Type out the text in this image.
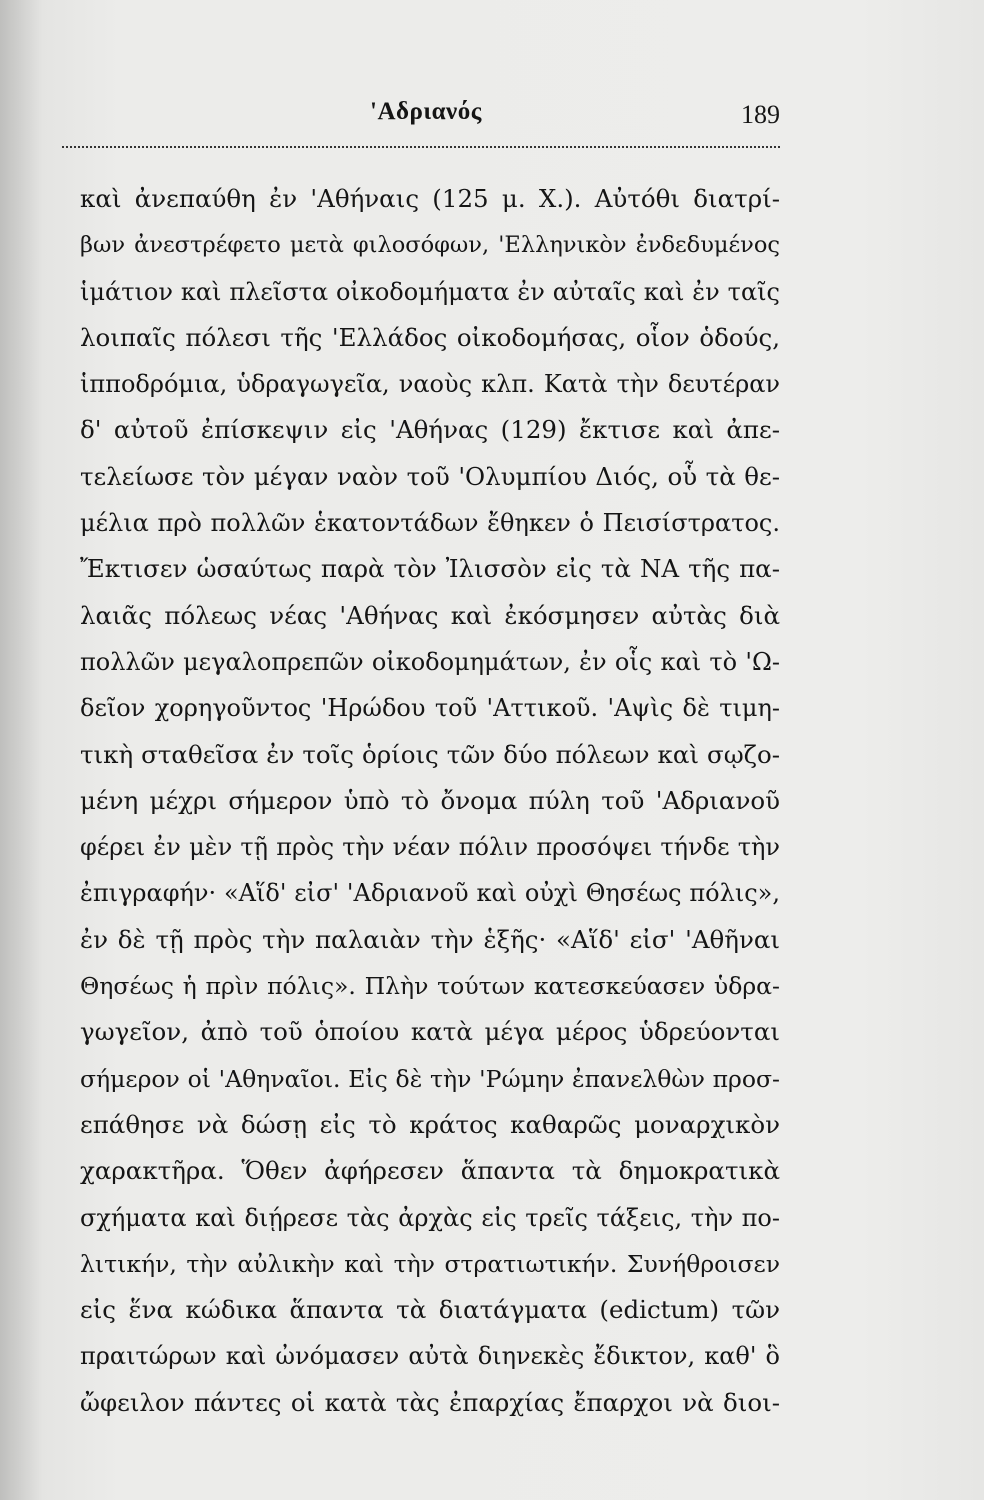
'Αδριανός	189
καὶ ἀνεπαύθη ἐν 'Αθήναις (125 μ. Χ.). Αὐτόθι διατρί-
βων ἀνεστρέφετο μετὰ φιλοσόφων, 'Ελληνικὸν ἐνδεδυμένος
ἱμάτιον καὶ πλεῖστα οἰκοδομήματα ἐν αὐταῖς καὶ ἐν ταῖς
λοιπαῖς πόλεσι τῆς 'Ελλάδος οἰκοδομήσας, οἷον ὁδούς,
ἱπποδρόμια, ὑδραγωγεῖα, ναοὺς κλπ. Κατὰ τὴν δευτέραν
δ' αὐτοῦ ἐπίσκεψιν εἰς 'Αθήνας (129) ἔκτισε καὶ ἀπε-
τελείωσε τὸν μέγαν ναὸν τοῦ 'Ολυμπίου Διός, οὗ τὰ θε-
μέλια πρὸ πολλῶν ἑκατοντάδων ἔθηκεν ὁ Πεισίστρατος.
Ἔκτισεν ὡσαύτως παρὰ τὸν Ἰλισσὸν εἰς τὰ ΝΑ τῆς πα-
λαιᾶς πόλεως νέας 'Αθήνας καὶ ἐκόσμησεν αὐτὰς διὰ
πολλῶν μεγαλοπρεπῶν οἰκοδομημάτων, ἐν οἷς καὶ τὸ 'Ω-
δεῖον χορηγοῦντος 'Ηρώδου τοῦ 'Αττικοῦ. 'Αψὶς δὲ τιμη-
τικὴ σταθεῖσα ἐν τοῖς ὁρίοις τῶν δύο πόλεων καὶ σῳζο-
μένη μέχρι σήμερον ὑπὸ τὸ ὄνομα πύλη τοῦ 'Αδριανοῦ
φέρει ἐν μὲν τῇ πρὸς τὴν νέαν πόλιν προσόψει τήνδε τὴν
ἐπιγραφήν· «Αἵδ' εἰσ' 'Αδριανοῦ καὶ οὐχὶ Θησέως πόλις»,
ἐν δὲ τῇ πρὸς τὴν παλαιὰν τὴν ἑξῆς· «Αἵδ' εἰσ' 'Αθῆναι
Θησέως ἡ πρὶν πόλις». Πλὴν τούτων κατεσκεύασεν ὑδρα-
γωγεῖον, ἀπὸ τοῦ ὁποίου κατὰ μέγα μέρος ὑδρεύονται
σήμερον οἱ 'Αθηναῖοι. Εἰς δὲ τὴν 'Ρώμην ἐπανελθὼν προσ-
επάθησε νὰ δώσῃ εἰς τὸ κράτος καθαρῶς μοναρχικὸν
χαρακτῆρα. Ὅθεν ἀφήρεσεν ἅπαντα τὰ δημοκρατικὰ
σχήματα καὶ διῄρεσε τὰς ἀρχὰς εἰς τρεῖς τάξεις, τὴν πο-
λιτικήν, τὴν αὐλικὴν καὶ τὴν στρατιωτικήν. Συνήθροισεν
εἰς ἕνα κώδικα ἅπαντα τὰ διατάγματα (edictum) τῶν
πραιτώρων καὶ ὠνόμασεν αὐτὰ διηνεκὲς ἔδικτον, καθ' ὃ
ὤφειλον πάντες οἱ κατὰ τὰς ἐπαρχίας ἔπαρχοι νὰ διοι-
